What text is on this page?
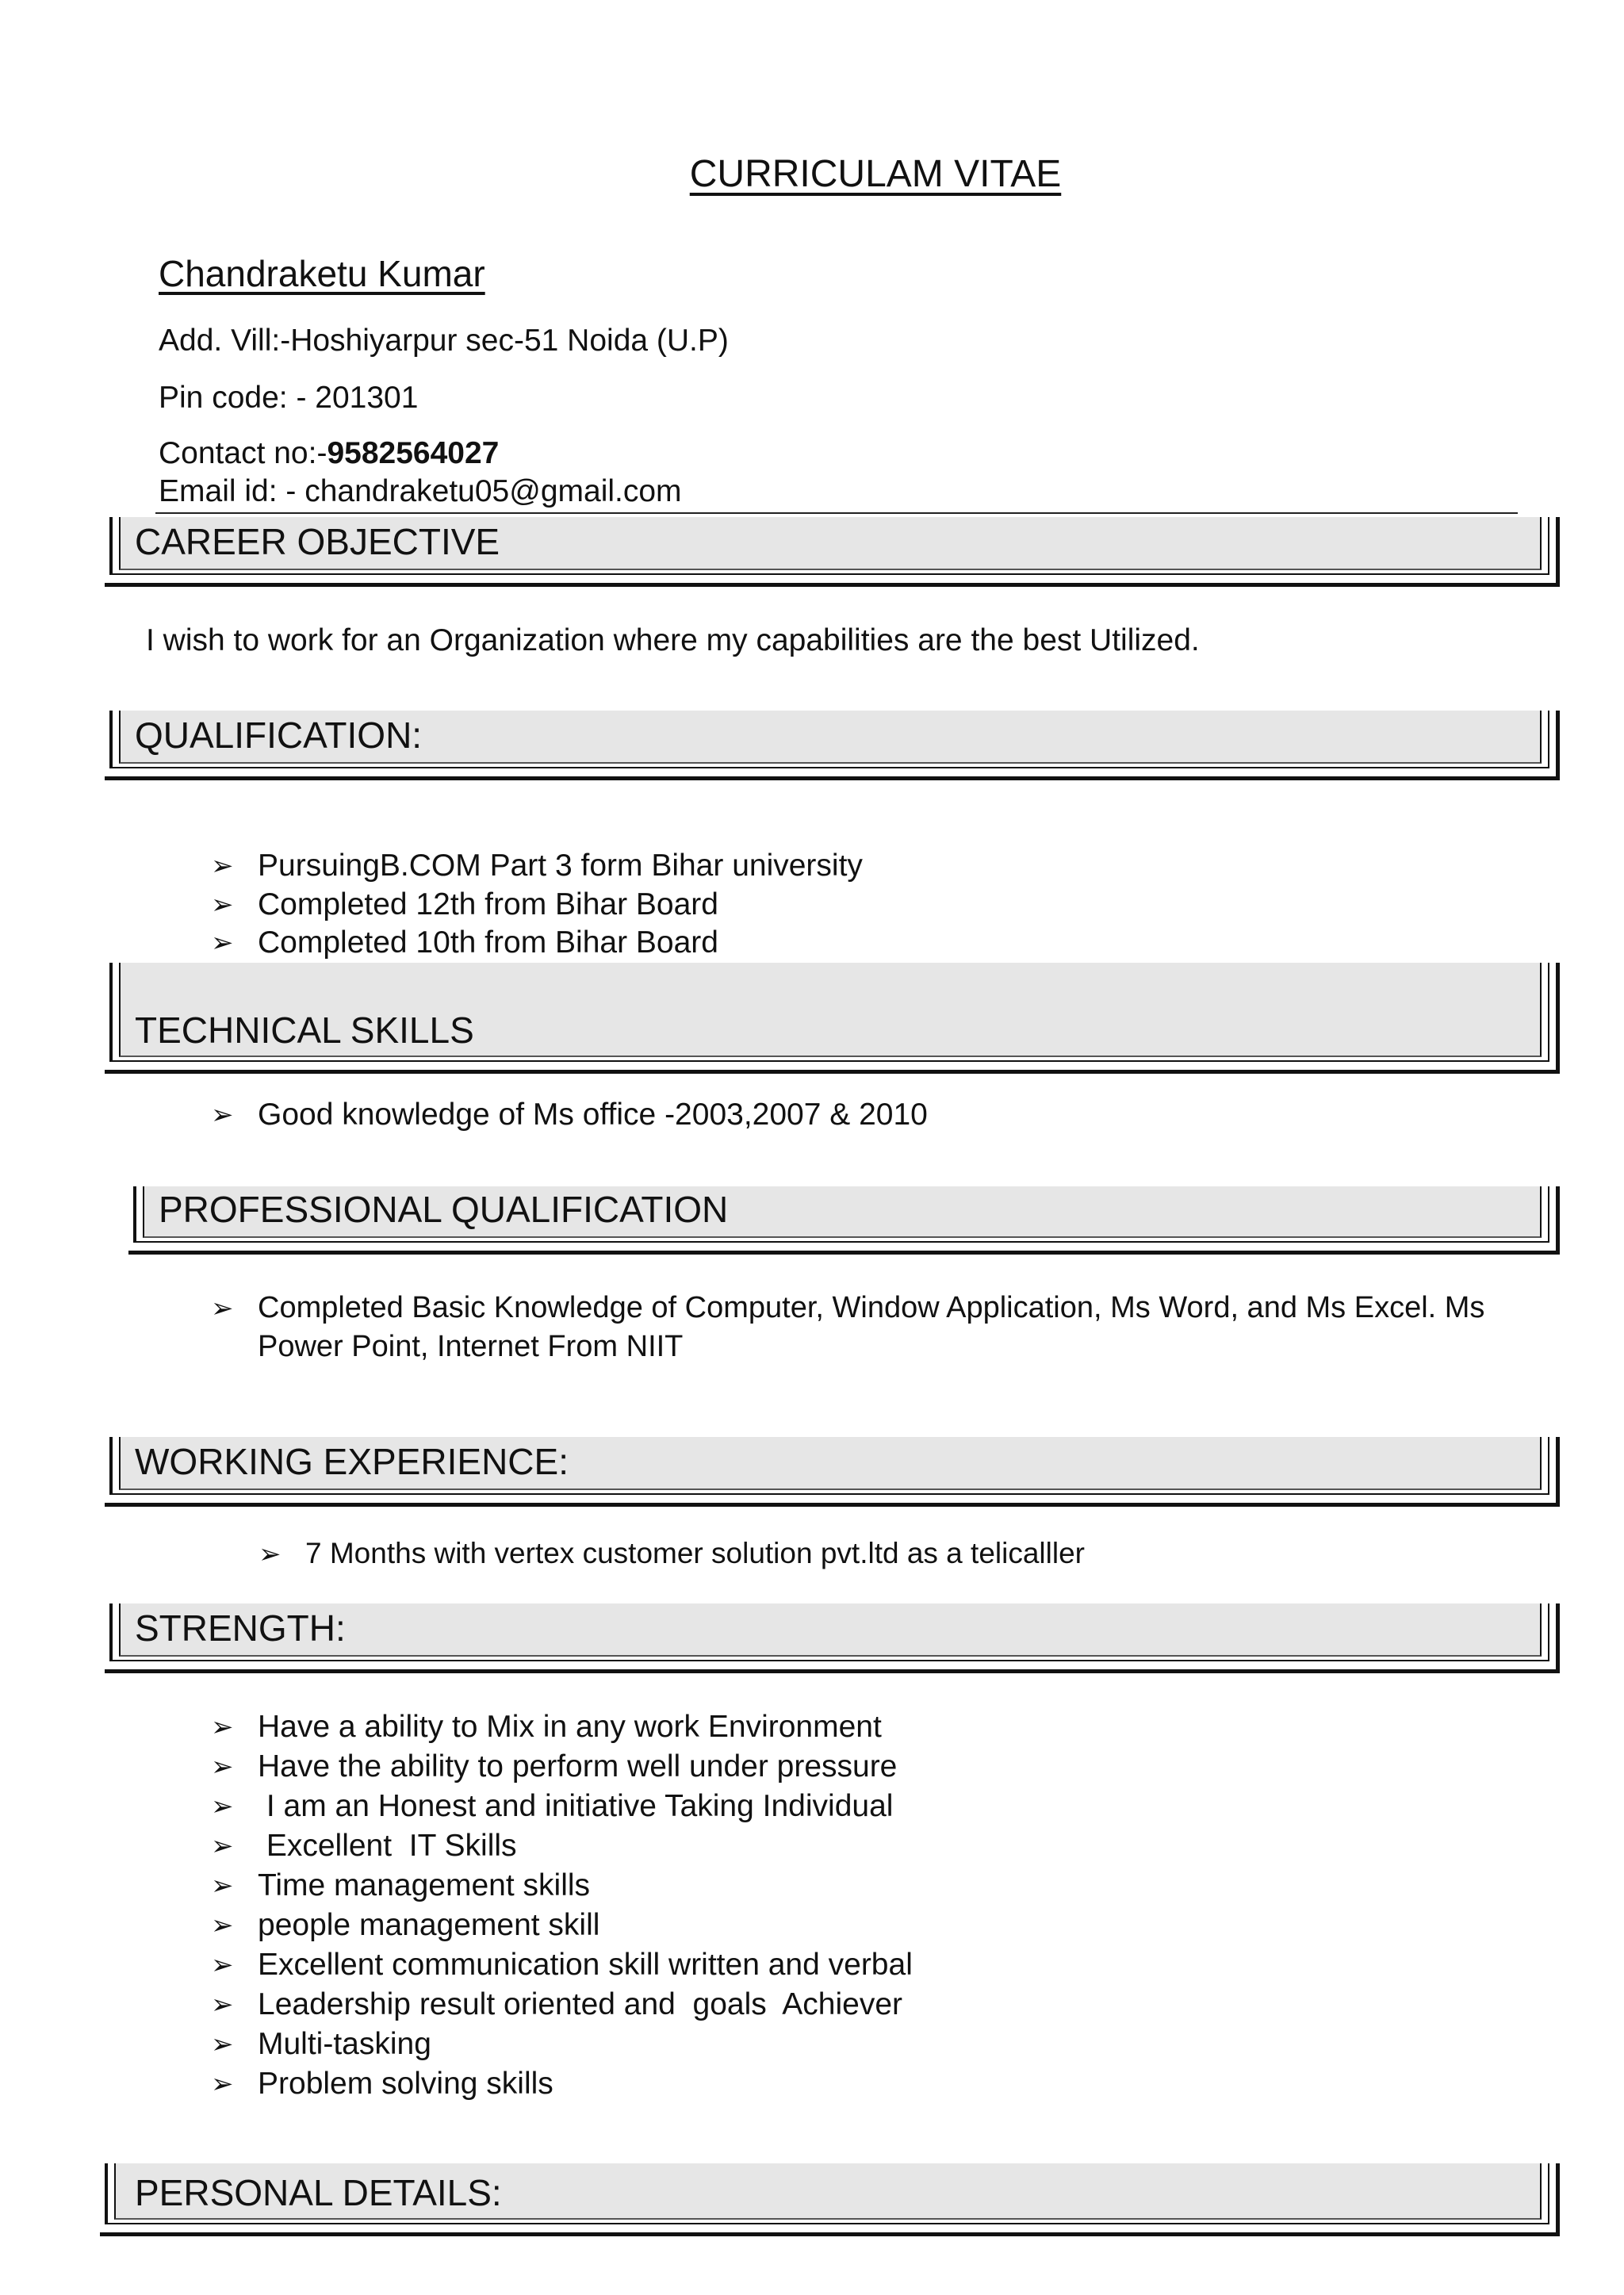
CURRICULAM VITAE
Chandraketu Kumar
Add. Vill:-Hoshiyarpur sec-51 Noida (U.P)
Pin code: - 201301
Contact no:-9582564027
Email id: - chandraketu05@gmail.com
CAREER OBJECTIVE
I wish to work for an Organization where my capabilities are the best Utilized.
QUALIFICATION:
➢ PursuingB.COM Part 3 form Bihar university
➢ Completed 12th from Bihar Board
➢ Completed 10th from Bihar Board
TECHNICAL SKILLS
➢ Good knowledge of Ms office -2003,2007 & 2010
PROFESSIONAL QUALIFICATION
➢ Completed Basic Knowledge of Computer, Window Application, Ms Word, and Ms Excel. Ms
Power Point, Internet From NIIT
WORKING EXPERIENCE:
➢ 7 Months with vertex customer solution pvt.ltd as a telicalller
STRENGTH:
➢ Have a ability to Mix in any work Environment
➢ Have the ability to perform well under pressure
➢ I am an Honest and initiative Taking Individual
➢ Excellent  IT Skills
➢ Time management skills
➢ people management skill
➢ Excellent communication skill written and verbal
➢ Leadership result oriented and  goals  Achiever
➢ Multi-tasking
➢ Problem solving skills
PERSONAL DETAILS:
